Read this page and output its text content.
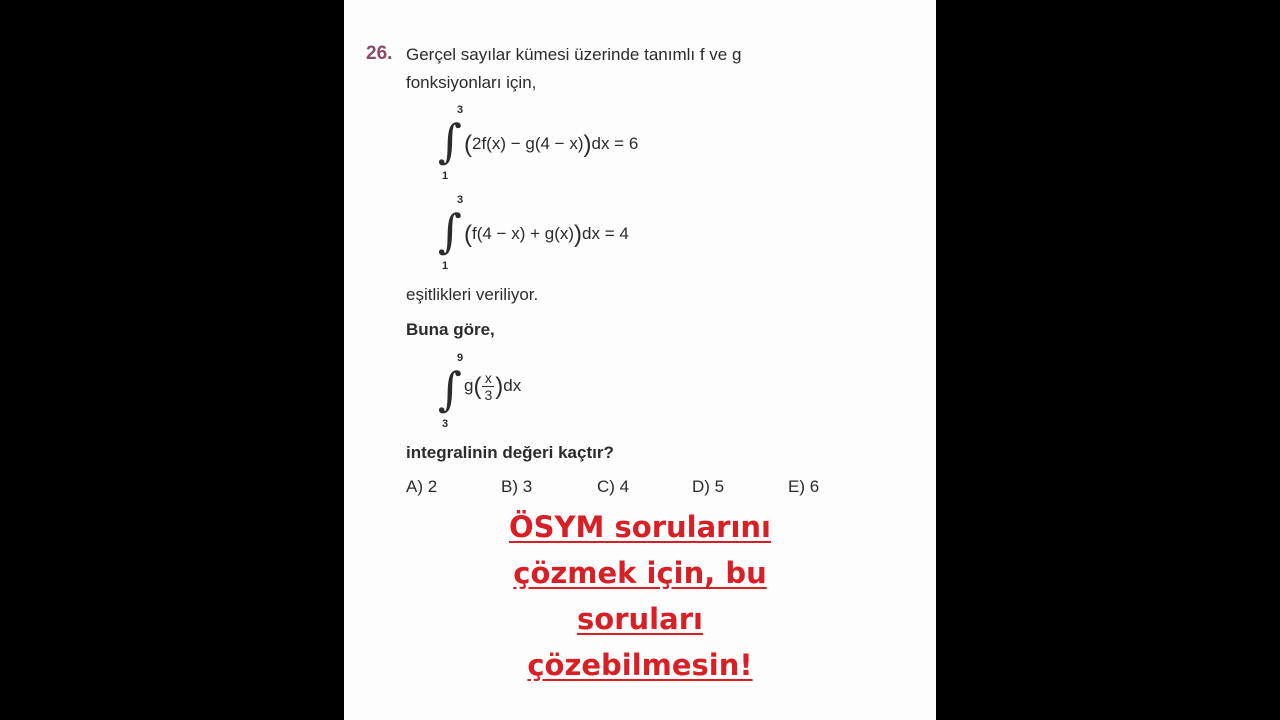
26. Gerçel sayılar kümesi üzerinde tanımlı f ve g
fonksiyonları için,
3
∫
1
(2f(x) − g(4 − x))dx = 6
3
∫
1
(f(4 − x) + g(x))dx = 4
eşitlikleri veriliyor.
Buna göre,
9
∫
3
$g( \frac{x}{3} )dx$
integralinin değeri kaçtır?
A) 2	B) 3	C) 4	D) 5	E) 6
ÖSYM sorularını
çözmek için, bu
soruları
çözebilmesin!
